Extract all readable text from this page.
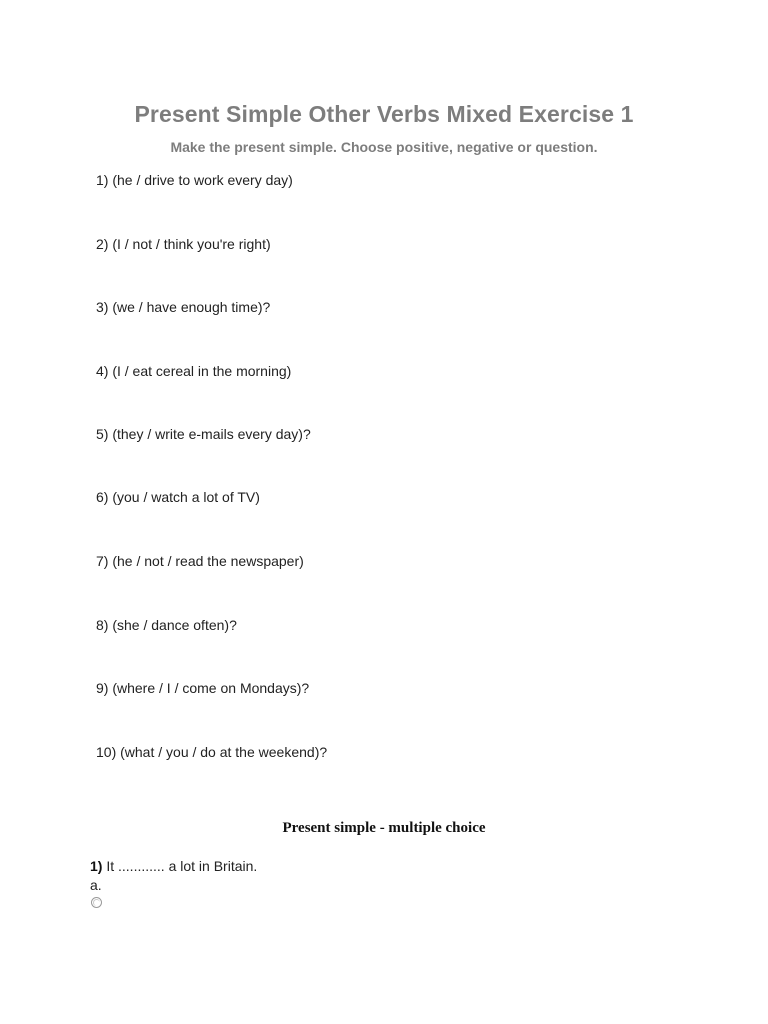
Present Simple Other Verbs Mixed Exercise 1

Make the present simple. Choose positive, negative or question.

1) (he / drive to work every day)
2) (I / not / think you're right)
3) (we / have enough time)?
4) (I / eat cereal in the morning)
5) (they / write e-mails every day)?
6) (you / watch a lot of TV)
7) (he / not / read the newspaper)
8) (she / dance often)?
9) (where / I / come on Mondays)?
10) (what / you / do at the weekend)?
Present simple - multiple choice
1) It ............ a lot in Britain.
a.
